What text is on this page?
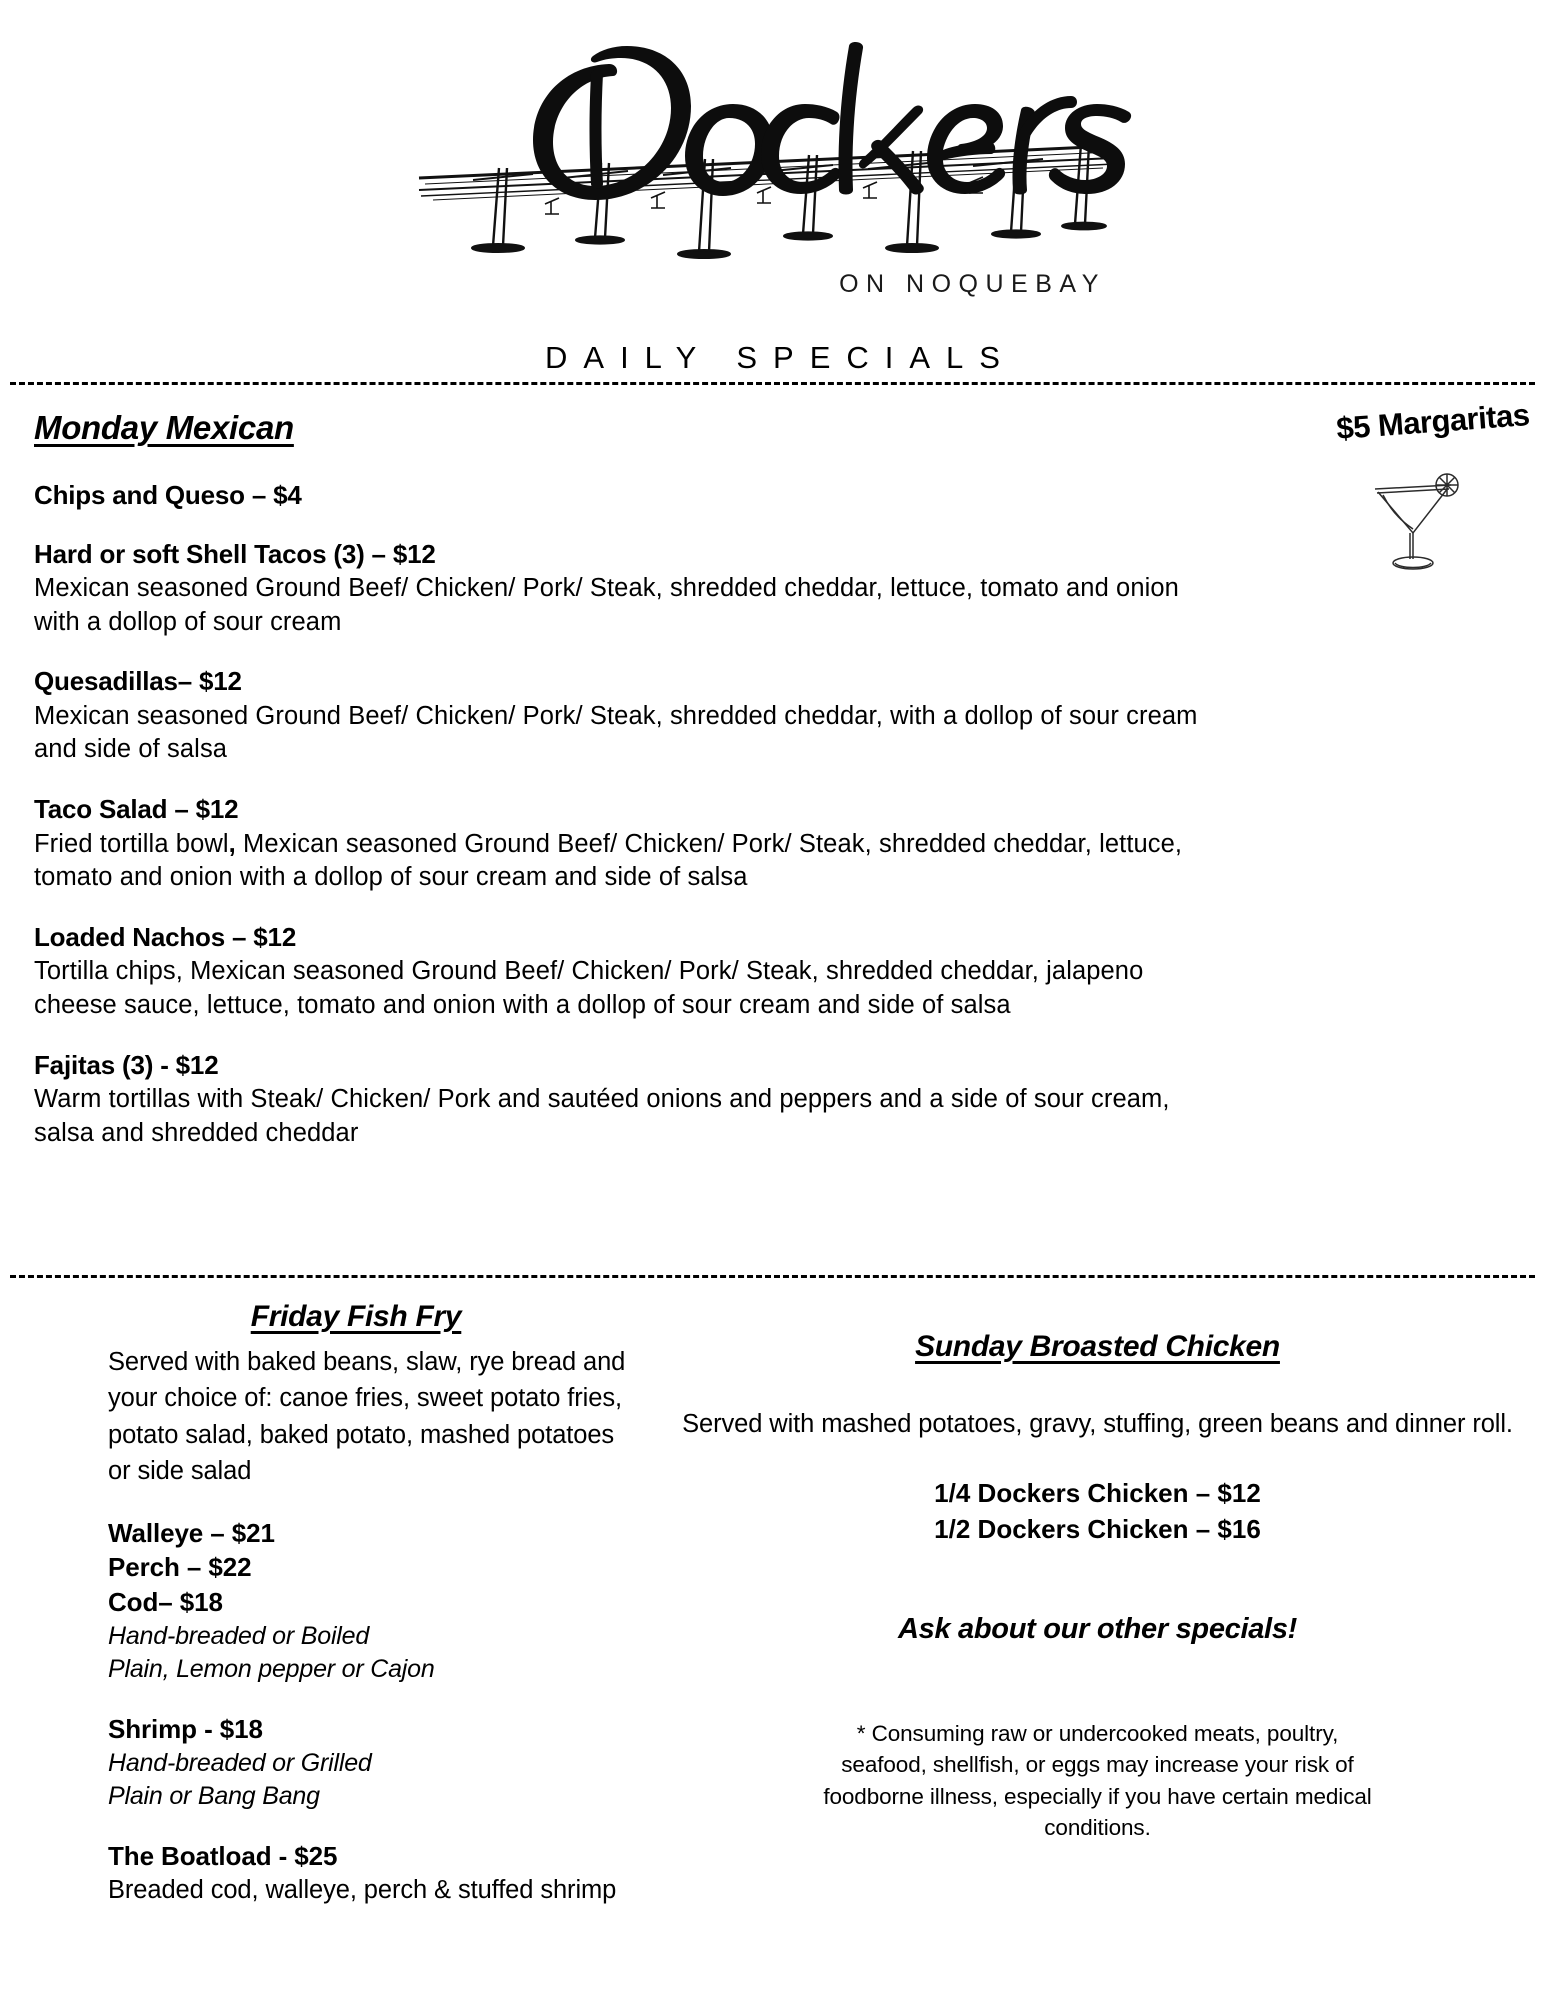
ON NOQUEBAY
DAILY SPECIALS
$5 Margaritas
Monday Mexican

Chips and Queso – $4

Hard or soft Shell Tacos (3) – $12

Mexican seasoned Ground Beef/ Chicken/ Pork/ Steak, shredded cheddar, lettuce, tomato and onion with a dollop of sour cream

Quesadillas– $12

Mexican seasoned Ground Beef/ Chicken/ Pork/ Steak, shredded cheddar, with a dollop of sour cream and side of salsa

Taco Salad – $12

Fried tortilla bowl, Mexican seasoned Ground Beef/ Chicken/ Pork/ Steak, shredded cheddar, lettuce, tomato and onion with a dollop of sour cream and side of salsa

Loaded Nachos – $12

Tortilla chips, Mexican seasoned Ground Beef/ Chicken/ Pork/ Steak, shredded cheddar, jalapeno cheese sauce, lettuce, tomato and onion with a dollop of sour cream and side of salsa

Fajitas (3) - $12

Warm tortillas with Steak/ Chicken/ Pork and sautéed onions and peppers and a side of sour cream, salsa and shredded cheddar

Friday Fish Fry

Served with baked beans, slaw, rye bread and your choice of: canoe fries, sweet potato fries, potato salad, baked potato, mashed potatoes or side salad

Walleye – $21

Perch – $22

Cod– $18

Hand-breaded or Boiled

Plain, Lemon pepper or Cajon

Shrimp - $18

Hand-breaded or Grilled

Plain or Bang Bang

The Boatload - $25

Breaded cod, walleye, perch & stuffed shrimp

Sunday Broasted Chicken

Served with mashed potatoes, gravy, stuffing, green beans and dinner roll.

1/4 Dockers Chicken – $12

1/2 Dockers Chicken – $16

Ask about our other specials!

* Consuming raw or undercooked meats, poultry, seafood, shellfish, or eggs may increase your risk of foodborne illness, especially if you have certain medical conditions.
